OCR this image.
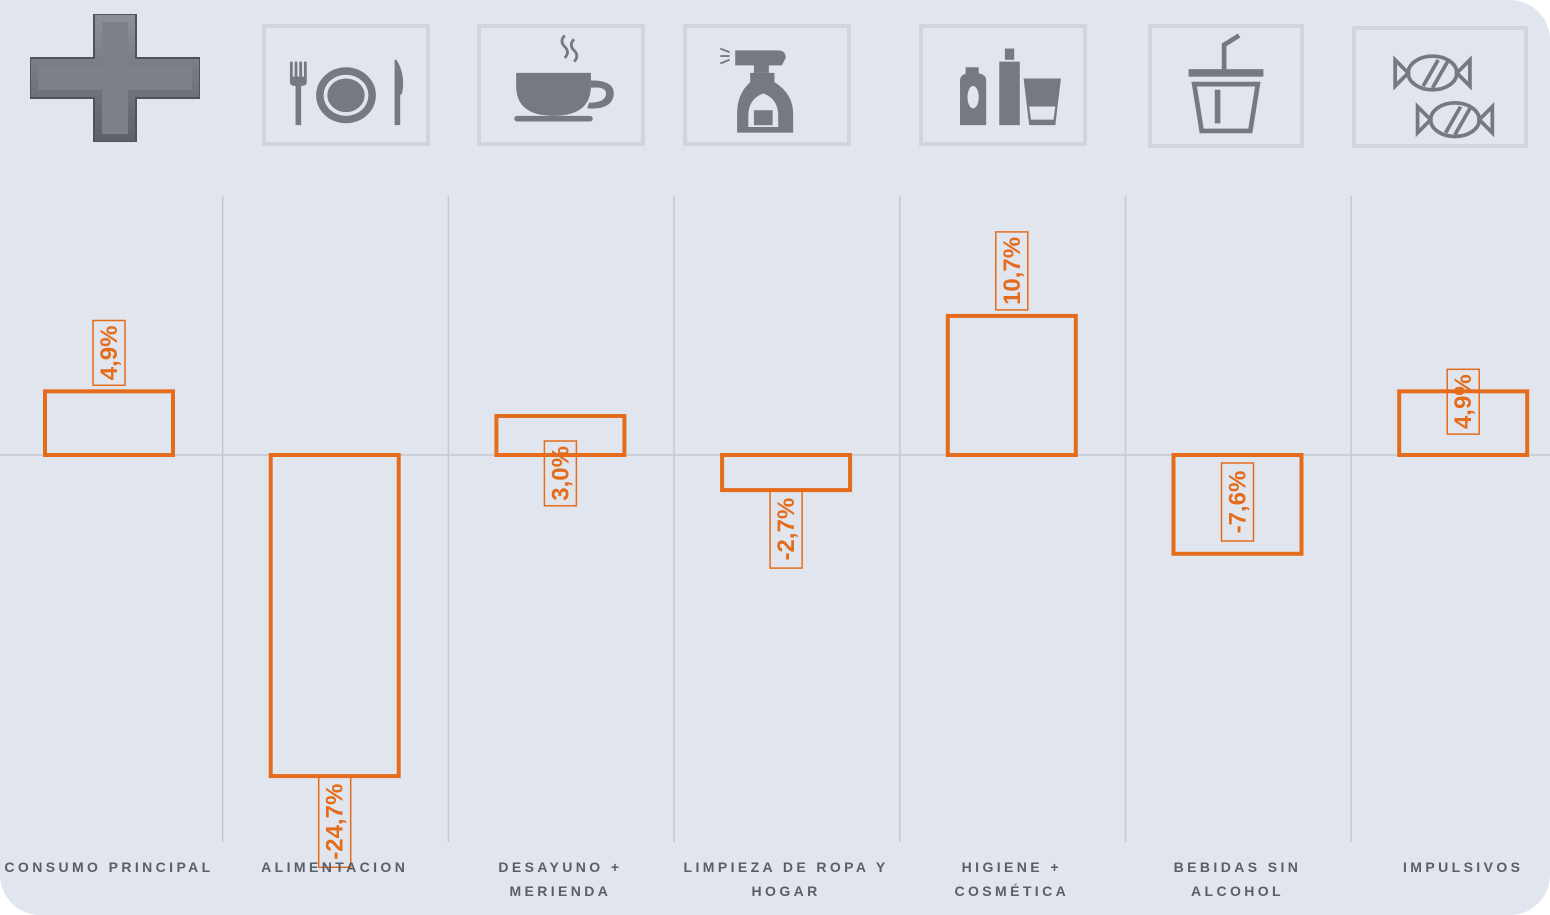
4,9%
-24,7%
3,0%
-2,7%
10,7%
-7,6%
4,9%
CONSUMO PRINCIPAL	ALIMENTACION	DESAYUNO +
MERIENDA
LIMPIEZA DE ROPA Y
HOGAR
HIGIENE +
COSMÉTICA
BEBIDAS SIN
ALCOHOL
IMPULSIVOS
